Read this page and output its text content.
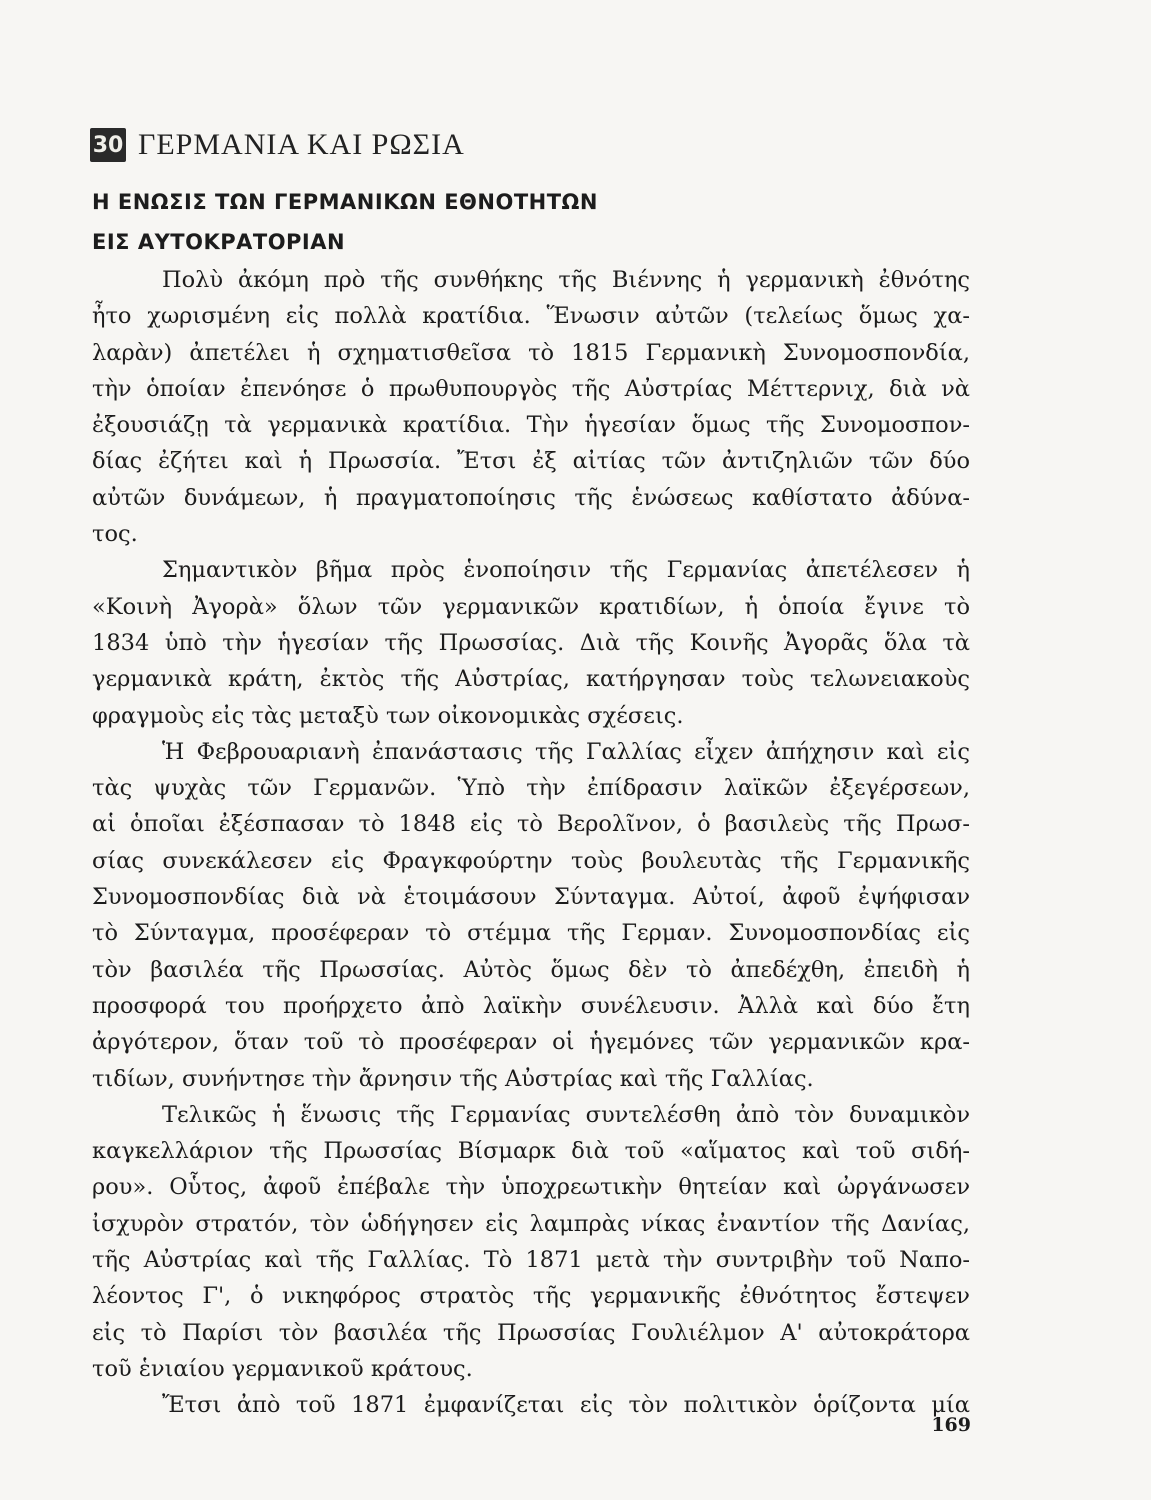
30 ΓΕΡΜΑΝΙΑ ΚΑΙ ΡΩΣΙΑ
Η ΕΝΩΣΙΣ ΤΩΝ ΓΕΡΜΑΝΙΚΩΝ ΕΘΝΟΤΗΤΩΝ
ΕΙΣ ΑΥΤΟΚΡΑΤΟΡΙΑΝ
Πολὺ ἀκόμη πρὸ τῆς συνθήκης τῆς Βιέννης ἡ γερμανικὴ ἐθνότης
ἦτο χωρισμένη εἰς πολλὰ κρατίδια. Ἕνωσιν αὐτῶν (τελείως ὅμως χα-
λαρὰν) ἀπετέλει ἡ σχηματισθεῖσα τὸ 1815 Γερμανικὴ Συνομοσπονδία,
τὴν ὁποίαν ἐπενόησε ὁ πρωθυπουργὸς τῆς Αὐστρίας Μέττερνιχ, διὰ νὰ
ἐξουσιάζῃ τὰ γερμανικὰ κρατίδια. Τὴν ἡγεσίαν ὅμως τῆς Συνομοσπον-
δίας ἐζήτει καὶ ἡ Πρωσσία. Ἔτσι ἐξ αἰτίας τῶν ἀντιζηλιῶν τῶν δύο
αὐτῶν δυνάμεων, ἡ πραγματοποίησις τῆς ἑνώσεως καθίστατο ἀδύνα-
τος.
Σημαντικὸν βῆμα πρὸς ἑνοποίησιν τῆς Γερμανίας ἀπετέλεσεν ἡ
«Κοινὴ Ἀγορὰ» ὅλων τῶν γερμανικῶν κρατιδίων, ἡ ὁποία ἔγινε τὸ
1834 ὑπὸ τὴν ἡγεσίαν τῆς Πρωσσίας. Διὰ τῆς Κοινῆς Ἀγορᾶς ὅλα τὰ
γερμανικὰ κράτη, ἐκτὸς τῆς Αὐστρίας, κατήργησαν τοὺς τελωνειακοὺς
φραγμοὺς εἰς τὰς μεταξὺ των οἰκονομικὰς σχέσεις.
Ἡ Φεβρουαριανὴ ἐπανάστασις τῆς Γαλλίας εἶχεν ἀπήχησιν καὶ εἰς
τὰς ψυχὰς τῶν Γερμανῶν. Ὑπὸ τὴν ἐπίδρασιν λαϊκῶν ἐξεγέρσεων,
αἱ ὁποῖαι ἐξέσπασαν τὸ 1848 εἰς τὸ Βερολῖνον, ὁ βασιλεὺς τῆς Πρωσ-
σίας συνεκάλεσεν εἰς Φραγκφούρτην τοὺς βουλευτὰς τῆς Γερμανικῆς
Συνομοσπονδίας διὰ νὰ ἑτοιμάσουν Σύνταγμα. Αὐτοί, ἀφοῦ ἐψήφισαν
τὸ Σύνταγμα, προσέφεραν τὸ στέμμα τῆς Γερμαν. Συνομοσπονδίας εἰς
τὸν βασιλέα τῆς Πρωσσίας. Αὐτὸς ὅμως δὲν τὸ ἀπεδέχθη, ἐπειδὴ ἡ
προσφορά του προήρχετο ἀπὸ λαϊκὴν συνέλευσιν. Ἀλλὰ καὶ δύο ἔτη
ἀργότερον, ὅταν τοῦ τὸ προσέφεραν οἱ ἡγεμόνες τῶν γερμανικῶν κρα-
τιδίων, συνήντησε τὴν ἄρνησιν τῆς Αὐστρίας καὶ τῆς Γαλλίας.
Τελικῶς ἡ ἕνωσις τῆς Γερμανίας συντελέσθη ἀπὸ τὸν δυναμικὸν
καγκελλάριον τῆς Πρωσσίας Βίσμαρκ διὰ τοῦ «αἵματος καὶ τοῦ σιδή-
ρου». Οὗτος, ἀφοῦ ἐπέβαλε τὴν ὑποχρεωτικὴν θητείαν καὶ ὠργάνωσεν
ἰσχυρὸν στρατόν, τὸν ὡδήγησεν εἰς λαμπρὰς νίκας ἐναντίον τῆς Δανίας,
τῆς Αὐστρίας καὶ τῆς Γαλλίας. Τὸ 1871 μετὰ τὴν συντριβὴν τοῦ Ναπο-
λέοντος Γ', ὁ νικηφόρος στρατὸς τῆς γερμανικῆς ἐθνότητος ἔστεψεν
εἰς τὸ Παρίσι τὸν βασιλέα τῆς Πρωσσίας Γουλιέλμον Α' αὐτοκράτορα
τοῦ ἑνιαίου γερμανικοῦ κράτους.
Ἔτσι ἀπὸ τοῦ 1871 ἐμφανίζεται εἰς τὸν πολιτικὸν ὁρίζοντα μία
169
